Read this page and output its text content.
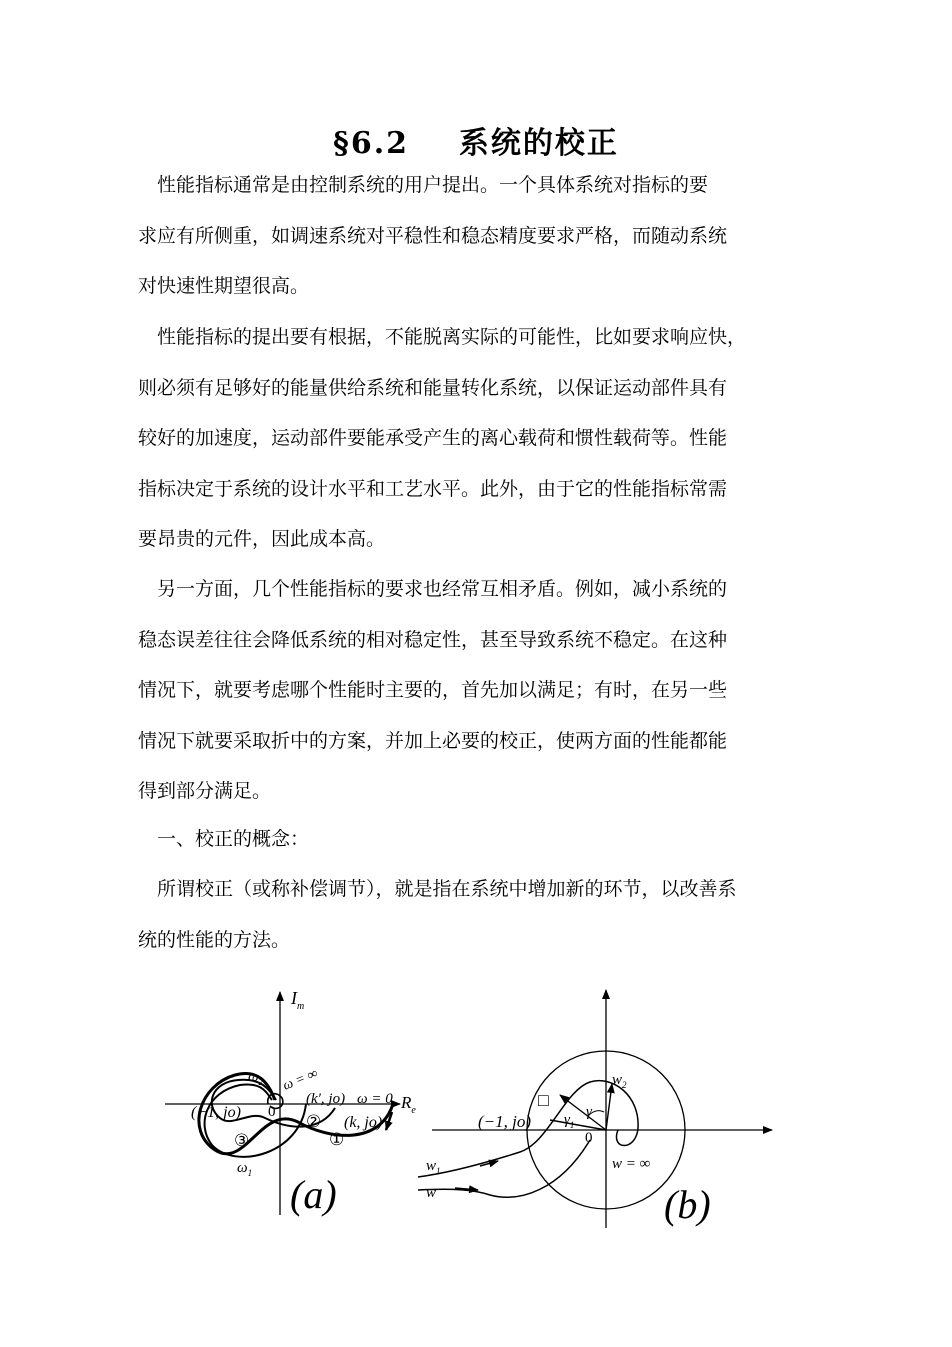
§6.2    系统的校正
　性能指标通常是由控制系统的用户提出。一个具体系统对指标的要
求应有所侧重，如调速系统对平稳性和稳态精度要求严格，而随动系统
对快速性期望很高。
　性能指标的提出要有根据，不能脱离实际的可能性，比如要求响应快，
则必须有足够好的能量供给系统和能量转化系统，以保证运动部件具有
较好的加速度，运动部件要能承受产生的离心载荷和惯性载荷等。性能
指标决定于系统的设计水平和工艺水平。此外，由于它的性能指标常需
要昂贵的元件，因此成本高。
　另一方面，几个性能指标的要求也经常互相矛盾。例如，减小系统的
稳态误差往往会降低系统的相对稳定性，甚至导致系统不稳定。在这种
情况下，就要考虑哪个性能时主要的，首先加以满足；有时，在另一些
情况下就要采取折中的方案，并加上必要的校正，使两方面的性能都能
得到部分满足。
　一、校正的概念：
　所谓校正（或称补偿调节），就是指在系统中增加新的环节，以改善系
统的性能的方法。
$I_m$
$R_e$
$\omega_2$
$\omega_1$
ω = ∞
ω = 0
(−1, jo) 0
(k′, jo)
(k, jo)
①
②
③
(a)
(−1, jo)
□
$\gamma_1$
γ
0
$w_2$
w = ∞
$w_1$
w	(b)
